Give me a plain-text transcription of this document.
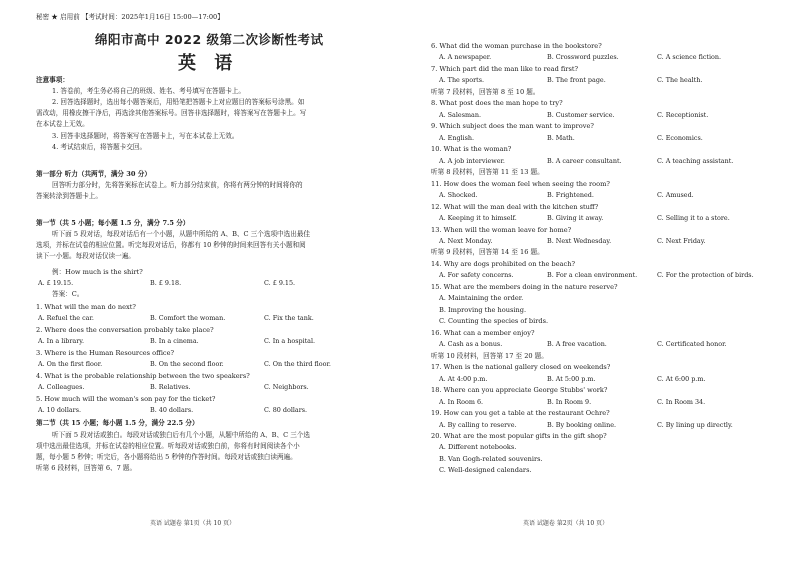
秘密 ★ 启用前 【考试时间：2025年1月16日 15:00—17:00】
绵阳市高中 2022 级第二次诊断性考试
英 语
注意事项：
1. 答卷前，考生务必将自己的班级、姓名、考号填写在答题卡上。
2. 回答选择题时，选出每小题答案后，用铅笔把答题卡上对应题目的答案标号涂黑。如
需改动，用橡皮擦干净后，再选涂其他答案标号。回答非选择题时，将答案写在答题卡上。写
在本试卷上无效。
3. 回答非选择题时，将答案写在答题卡上，写在本试卷上无效。
4. 考试结束后，将答题卡交回。
第一部分 听力（共两节，满分 30 分）
回答听力部分时，先将答案标在试卷上。听力部分结束前，你将有两分钟的时间将你的
答案转涂到答题卡上。
第一节（共 5 小题；每小题 1.5 分，满分 7.5 分）
听下面 5 段对话，每段对话后有一个小题，从题中所给的 A、B、C 三个选项中选出最佳
选项，并标在试卷的相应位置。听完每段对话后，你都有 10 秒钟的时间来回答有关小题和阅
读下一小题。每段对话仅读一遍。
例：How much is the shirt?
A. £ 19.15.	B. £ 9.18.	C. £ 9.15.
答案：C。
1. What will the man do next?
A. Refuel the car.	B. Comfort the woman.	C. Fix the tank.
2. Where does the conversation probably take place?
A. In a library.	B. In a cinema.	C. In a hospital.
3. Where is the Human Resources office?
A. On the first floor.	B. On the second floor.	C. On the third floor.
4. What is the probable relationship between the two speakers?
A. Colleagues.	B. Relatives.	C. Neighbors.
5. How much will the woman's son pay for the ticket?
A. 10 dollars.	B. 40 dollars.	C. 80 dollars.
第二节（共 15 小题；每小题 1.5 分，满分 22.5 分）
听下面 5 段对话或独白。每段对话或独白后有几个小题，从题中所给的 A、B、C 三个选
项中选出最佳选项，并标在试卷的相应位置。听每段对话或独白前，你将有时间阅读各个小
题，每小题 5 秒钟；听完后，各小题将给出 5 秒钟的作答时间。每段对话或独白读两遍。
听第 6 段材料，回答第 6、7 题。
英语 试题卷 第1页（共 10 页）
6. What did the woman purchase in the bookstore?
A. A newspaper.	B. Crossword puzzles.	C. A science fiction.
7. Which part did the man like to read first?
A. The sports.	B. The front page.	C. The health.
听第 7 段材料，回答第 8 至 10 题。
8. What post does the man hope to try?
A. Salesman.	B. Customer service.	C. Receptionist.
9. Which subject does the man want to improve?
A. English.	B. Math.	C. Economics.
10. What is the woman?
A. A job interviewer.	B. A career consultant.	C. A teaching assistant.
听第 8 段材料，回答第 11 至 13 题。
11. How does the woman feel when seeing the room?
A. Shocked.	B. Frightened.	C. Amused.
12. What will the man deal with the kitchen stuff?
A. Keeping it to himself.	B. Giving it away.	C. Selling it to a store.
13. When will the woman leave for home?
A. Next Monday.	B. Next Wednesday.	C. Next Friday.
听第 9 段材料，回答第 14 至 16 题。
14. Why are dogs prohibited on the beach?
A. For safety concerns.	B. For a clean environment.	C. For the protection of birds.
15. What are the members doing in the nature reserve?
A. Maintaining the order.
B. Improving the housing.
C. Counting the species of birds.
16. What can a member enjoy?
A. Cash as a bonus.	B. A free vacation.	C. Certificated honor.
听第 10 段材料，回答第 17 至 20 题。
17. When is the national gallery closed on weekends?
A. At 4:00 p.m.	B. At 5:00 p.m.	C. At 6:00 p.m.
18. Where can you appreciate George Stubbs' work?
A. In Room 6.	B. In Room 9.	C. In Room 34.
19. How can you get a table at the restaurant Ochre?
A. By calling to reserve.	B. By booking online.	C. By lining up directly.
20. What are the most popular gifts in the gift shop?
A. Different notebooks.
B. Van Gogh-related souvenirs.
C. Well-designed calendars.
英语 试题卷 第2页（共 10 页）
